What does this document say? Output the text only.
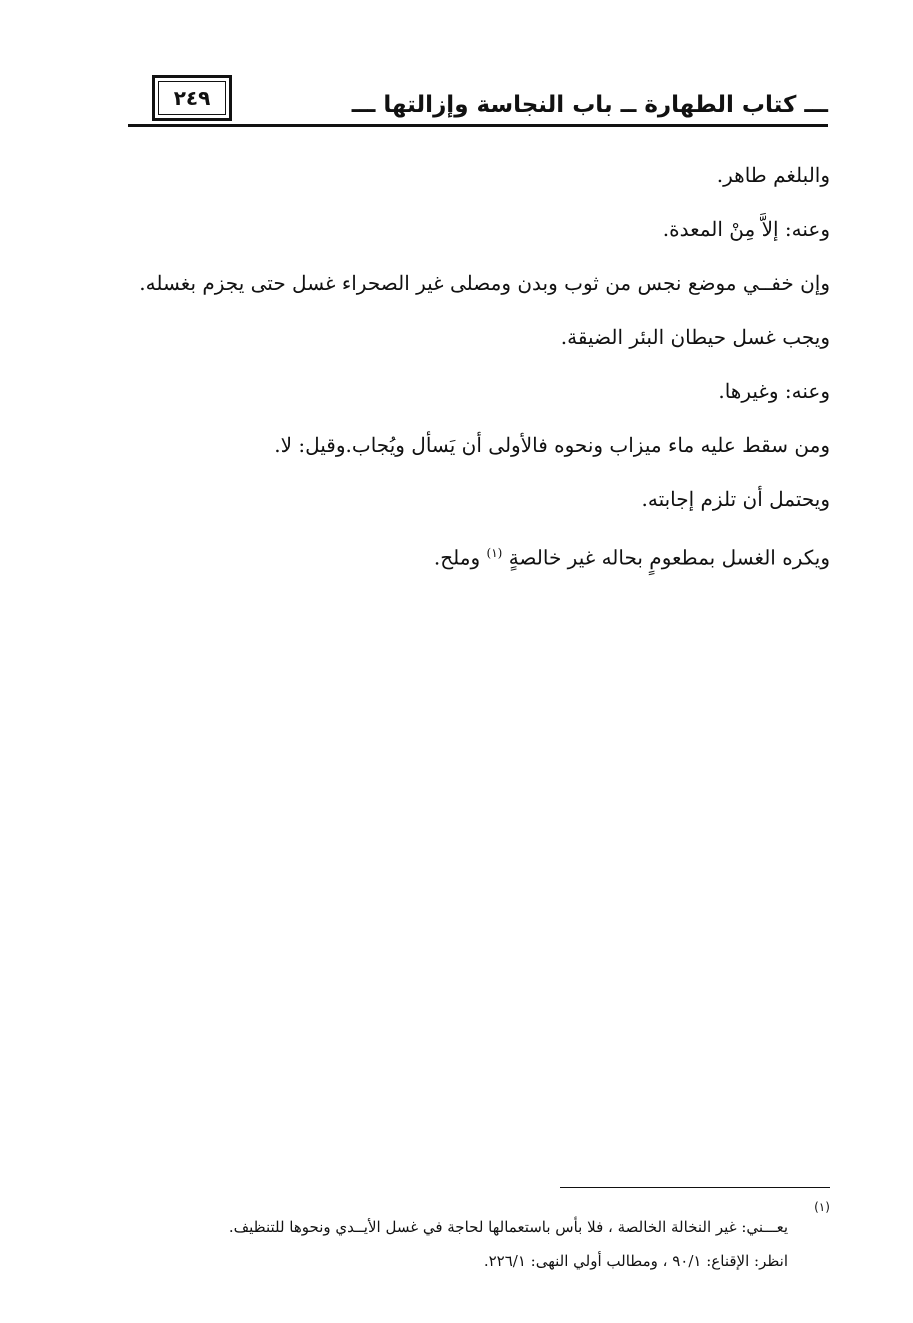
٢٤٩	ـــ كتاب الطهارة ــ باب النجاسة وإزالتها ـــ

والبلغم طاهر.

وعنه: إلاَّ مِنْ المعدة.

وإن خفــي موضع نجس من ثوب وبدن ومصلى غير الصحراء غسل حتى يجزم بغسله.

ويجب غسل حيطان البئر الضيقة.

وعنه: وغيرها.

ومن سقط عليه ماء ميزاب ونحوه فالأولى أن يَسأل ويُجاب.وقيل: لا.

ويحتمل أن تلزم إجابته.

ويكره الغسل بمطعومٍ بحاله غير خالصةٍ $^{(١)}$ وملح.

(١)
يعـــني: غير النخالة الخالصة ، فلا بأس باستعمالها لحاجة في غسل الأيــدي ونحوها للتنظيف.
انظر: الإقناع: ٩٠/١ ، ومطالب أولي النهى: ٢٢٦/١.
